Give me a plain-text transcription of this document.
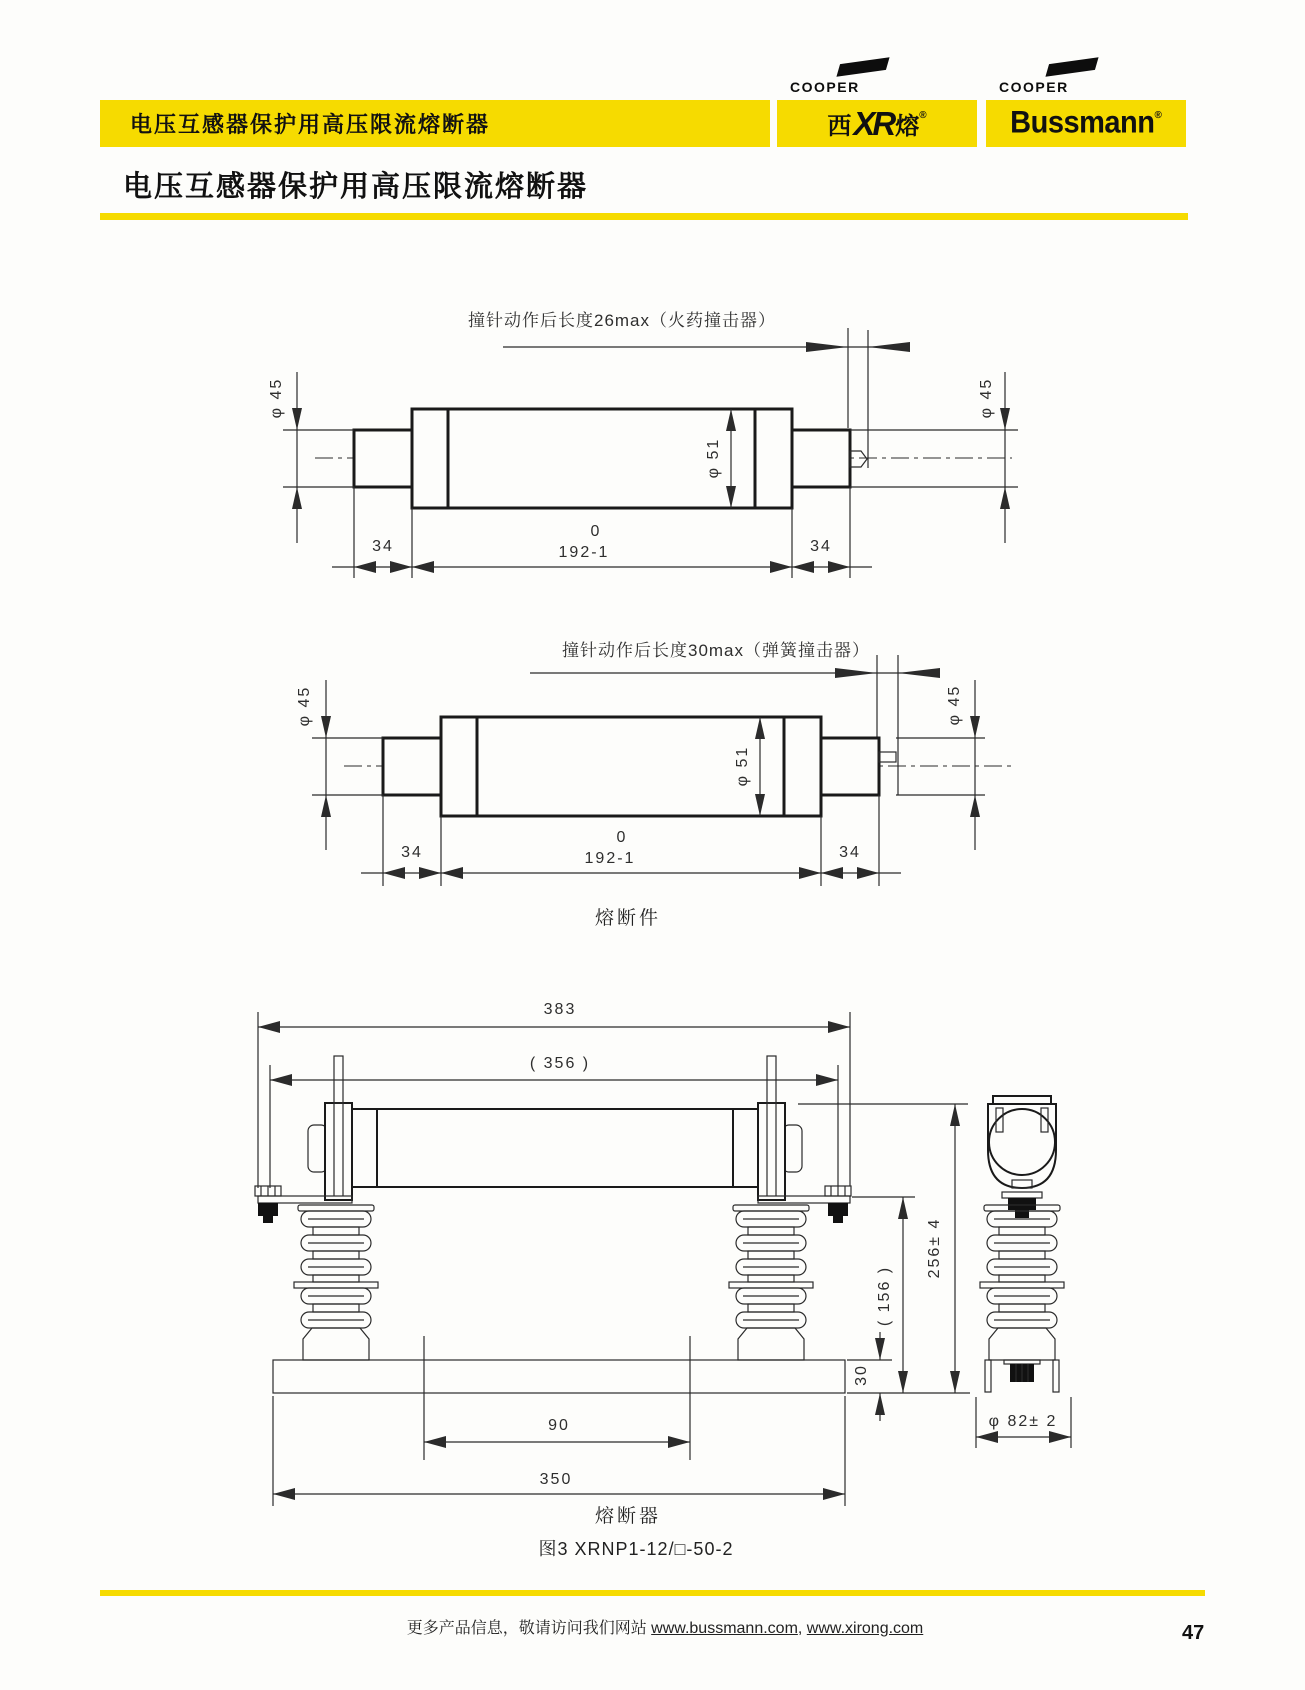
撞针动作后长度26max（火药撞击器）
φ 45
φ 51
φ 45
34
0
192-1	34
撞针动作后长度30max（弹簧撞击器）
φ 45
φ 51
φ 45
34
0
192-1	34
383
( 356 )
90
350
30
( 156 )
256± 4
φ 82± 2
电压互感器保护用高压限流熔断器
COOPER	COOPER
西 XR 熔 ®	Bussmann ®
电压互感器保护用高压限流熔断器
熔断件
熔断器
图3 XRNP1-12/□-50-2
更多产品信息，敬请访问我们网站 www.bussmann.com, www.xirong.com	47
